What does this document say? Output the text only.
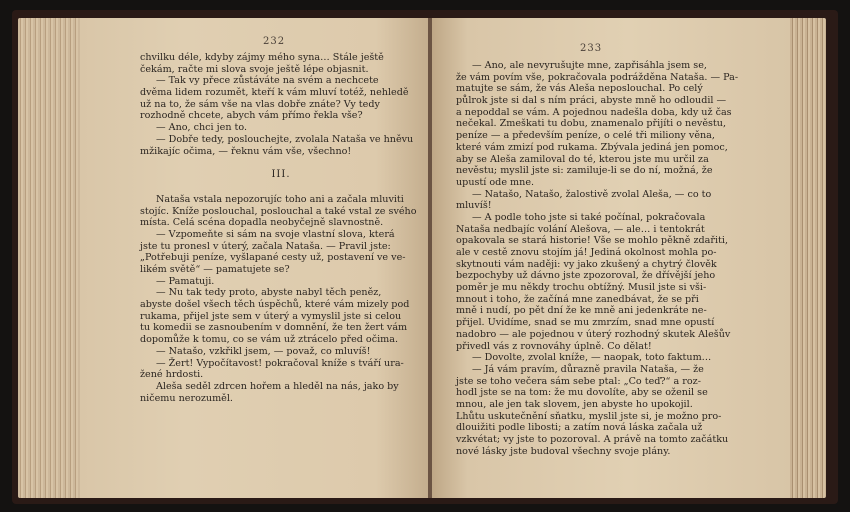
232
chvilku déle, kdyby zájmy mého syna… Stále ještě
čekám, račte mi slova svoje ještě lépe objasnit.
— Tak vy přece zůstáváte na svém a nechcete
dvěma lidem rozumět, kteří k vám mluví totéž, nehledě
už na to, že sám vše na vlas dobře znáte? Vy tedy
rozhodně chcete, abych vám přímo řekla vše?
— Ano, chci jen to.
— Dobře tedy, poslouchejte, zvolala Nataša ve hněvu
mžikajíc očima, — řeknu vám vše, všechno!
III.
Nataša vstala nepozorujíc toho ani a začala mluviti
stojíc. Kníže poslouchal, poslouchal a také vstal ze svého
místa. Celá scéna dopadla neobyčejně slavnostně.
— Vzpomeňte si sám na svoje vlastní slova, která
jste tu pronesl v úterý, začala Nataša. — Pravil jste:
„Potřebuji peníze, vyšlapané cesty už, postavení ve ve-
likém světě“ — pamatujete se?
— Pamatuji.
— Nu tak tedy proto, abyste nabyl těch peněz,
abyste došel všech těch úspěchů, které vám mizely pod
rukama, přijel jste sem v úterý a vymyslil jste si celou
tu komedii se zasnoubením v domnění, že ten žert vám
dopomůže k tomu, co se vám už ztrácelo před očima.
— Natašo, vzkřikl jsem, — považ, co mluvíš!
— Žert! Vypočítavost! pokračoval kníže s tváří ura-
žené hrdosti.
Aleša seděl zdrcen hořem a hleděl na nás, jako by
ničemu nerozuměl.
233
— Ano, ale nevyrušujte mne, zapřisáhla jsem se,
že vám povím vše, pokračovala podrážděna Nataša. — Pa-
matujte se sám, že vás Aleša neposlouchal. Po celý
půlrok jste si dal s ním práci, abyste mně ho odloudil —
a nepoddal se vám. A pojednou nadešla doba, kdy už čas
nečekal. Zmeškati tu dobu, znamenalo přijíti o nevěstu,
peníze — a především peníze, o celé tři miliony věna,
které vám zmizí pod rukama. Zbývala jediná jen pomoc,
aby se Aleša zamiloval do té, kterou jste mu určil za
nevěstu; myslil jste si: zamiluje-li se do ní, možná, že
upustí ode mne.
— Natašo, Natašo, žalostivě zvolal Aleša, — co to
mluvíš!
— A podle toho jste si také počínal, pokračovala
Nataša nedbajíc volání Alešova, — ale… i tentokrát
opakovala se stará historie! Vše se mohlo pěkně zdařiti,
ale v cestě znovu stojím já! Jediná okolnost mohla po-
skytnouti vám naději: vy jako zkušený a chytrý člověk
bezpochyby už dávno jste zpozoroval, že dřívější jeho
poměr je mu někdy trochu obtížný. Musil jste si vši-
mnout i toho, že začíná mne zanedbávat, že se při
mně i nudí, po pět dní že ke mně ani jedenkráte ne-
přijel. Uvidíme, snad se mu zmrzím, snad mne opustí
nadobro — ale pojednou v úterý rozhodný skutek Alešův
přivedl vás z rovnováhy úplně. Co dělat!
— Dovolte, zvolal kníže, — naopak, toto faktum…
— Já vám pravím, důrazně pravila Nataša, — že
jste se toho večera sám sebe ptal: „Co teď?“ a roz-
hodl jste se na tom: že mu dovolíte, aby se oženil se
mnou, ale jen tak slovem, jen abyste ho upokojil.
Lhůtu uskutečnění sňatku, myslil jste si, je možno pro-
dlouižiti podle libosti; a zatím nová láska začala už
vzkvétat; vy jste to pozoroval. A právě na tomto začátku
nové lásky jste budoval všechny svoje plány.
